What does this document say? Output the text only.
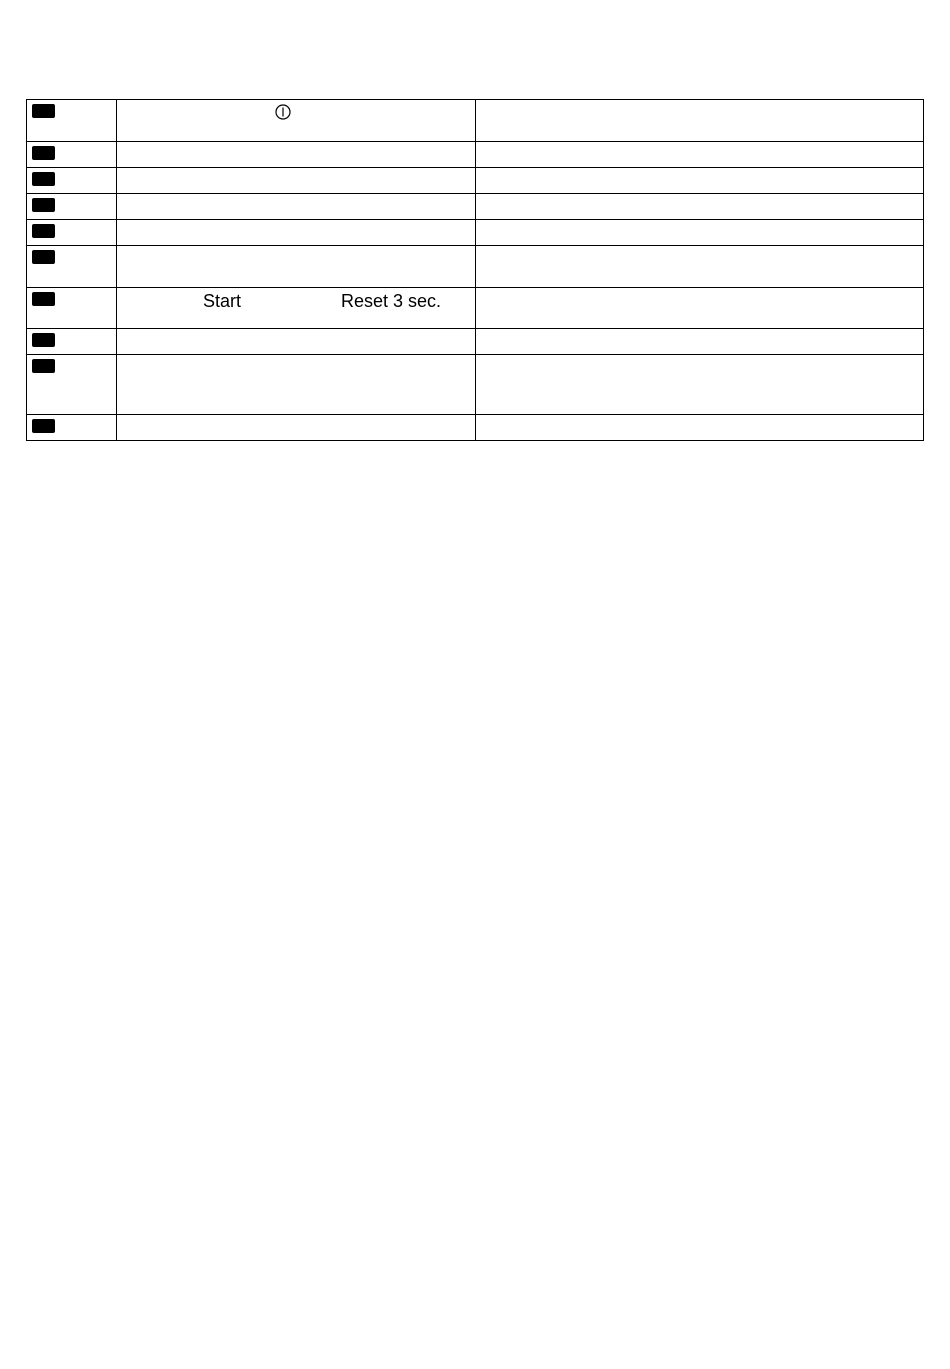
	Start Reset 3 sec.	
